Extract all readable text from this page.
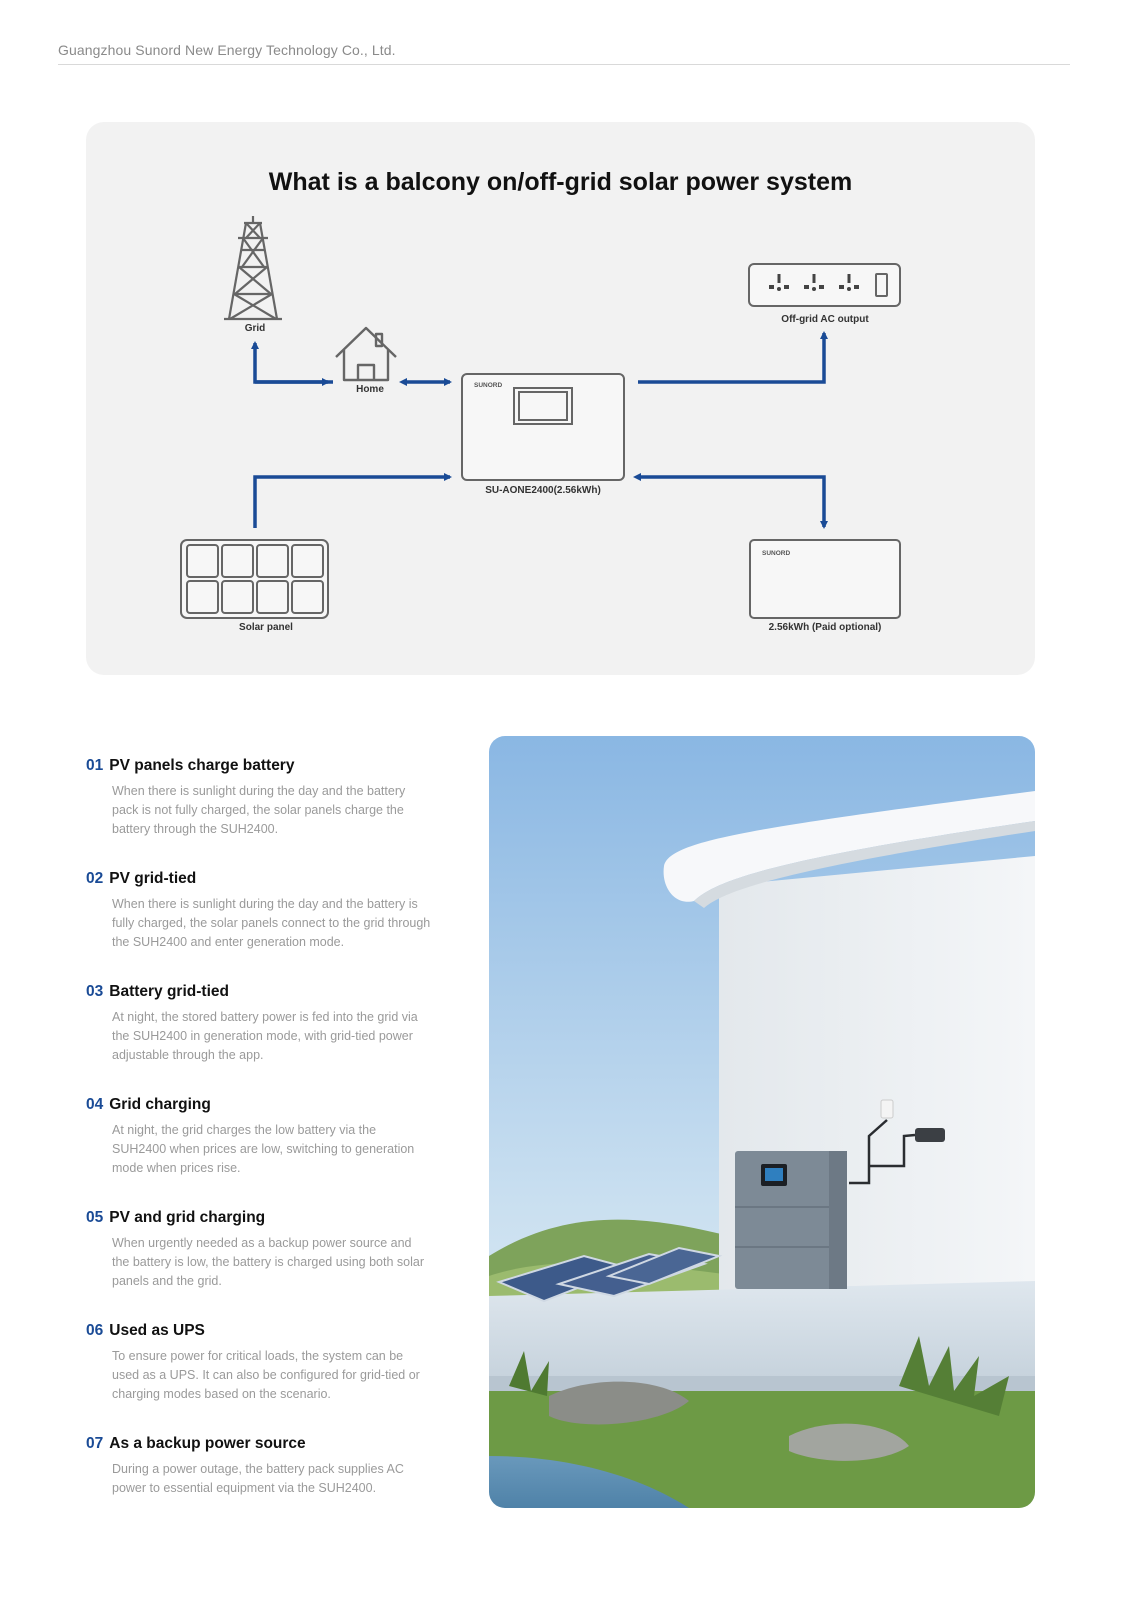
Guangzhou Sunord New Energy Technology Co., Ltd.
What is a balcony on/off-grid solar power system
SUNORD
SUNORD
Grid
Home
Off-grid AC output
SU-AONE2400(2.56kWh)
Solar panel	2.56kWh (Paid optional)
01 PV panels charge battery
When there is sunlight during the day and the battery pack is not fully charged, the solar panels charge the battery through the SUH2400.
02 PV grid-tied
When there is sunlight during the day and the battery is fully charged, the solar panels connect to the grid through the SUH2400 and enter generation mode.
03 Battery grid-tied
At night, the stored battery power is fed into the grid via the SUH2400 in generation mode, with grid-tied power adjustable through the app.
04 Grid charging
At night, the grid charges the low battery via the SUH2400 when prices are low, switching to generation mode when prices rise.
05 PV and grid charging
When urgently needed as a backup power source and the battery is low, the battery is charged using both solar panels and the grid.
06 Used as UPS
To ensure power for critical loads, the system can be used as a UPS. It can also be configured for grid-tied or charging modes based on the scenario.
07 As a backup power source
During a power outage, the battery pack supplies AC power to essential equipment via the SUH2400.
